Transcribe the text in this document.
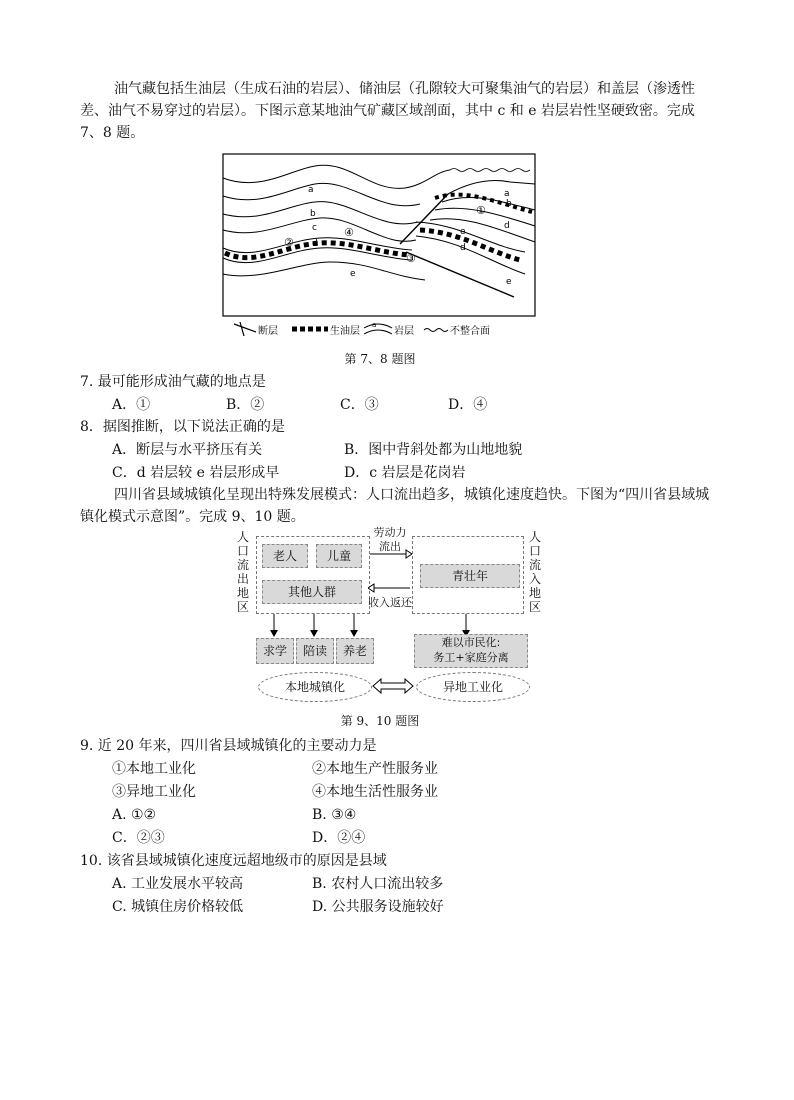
油气藏包括生油层（生成石油的岩层）、储油层（孔隙较大可聚集油气的岩层）和盖层（渗透性差、油气不易穿过的岩层）。下图示意某地油气矿藏区域剖面，其中 c 和 e 岩层岩性坚硬致密。完成 7、8 题。
a
b
c
d
e
②
④
③
①
e
d
a
b
d
e
断层	生油层
a
岩层	不整合面
第 7、8 题图
7. 最可能形成油气藏的地点是
A．①	B．②	C．③	D．④
8．据图推断，以下说法正确的是
A．断层与水平挤压有关	B．图中背斜处都为山地地貌
C．d 岩层较 e 岩层形成早	D．c 岩层是花岗岩
四川省县域城镇化呈现出特殊发展模式：人口流出趋多，城镇化速度趋快。下图为“四川省县域城镇化模式示意图”。完成 9、10 题。
人
口
流
出
地
区
人
口
流
入
地
区
老人	儿童
其他人群
青壮年
劳动力
流出
收入返还
求学	陪读	养老
难以市民化:
务工+家庭分离
本地城镇化	异地工业化
第 9、10 题图
9. 近 20 年来，四川省县域城镇化的主要动力是
①本地工业化	②本地生产性服务业
③异地工业化	④本地生活性服务业
A. ①②	B. ③④
C．②③	D．②④
10. 该省县域城镇化速度远超地级市的原因是县域
A. 工业发展水平较高	B. 农村人口流出较多
C. 城镇住房价格较低	D. 公共服务设施较好
